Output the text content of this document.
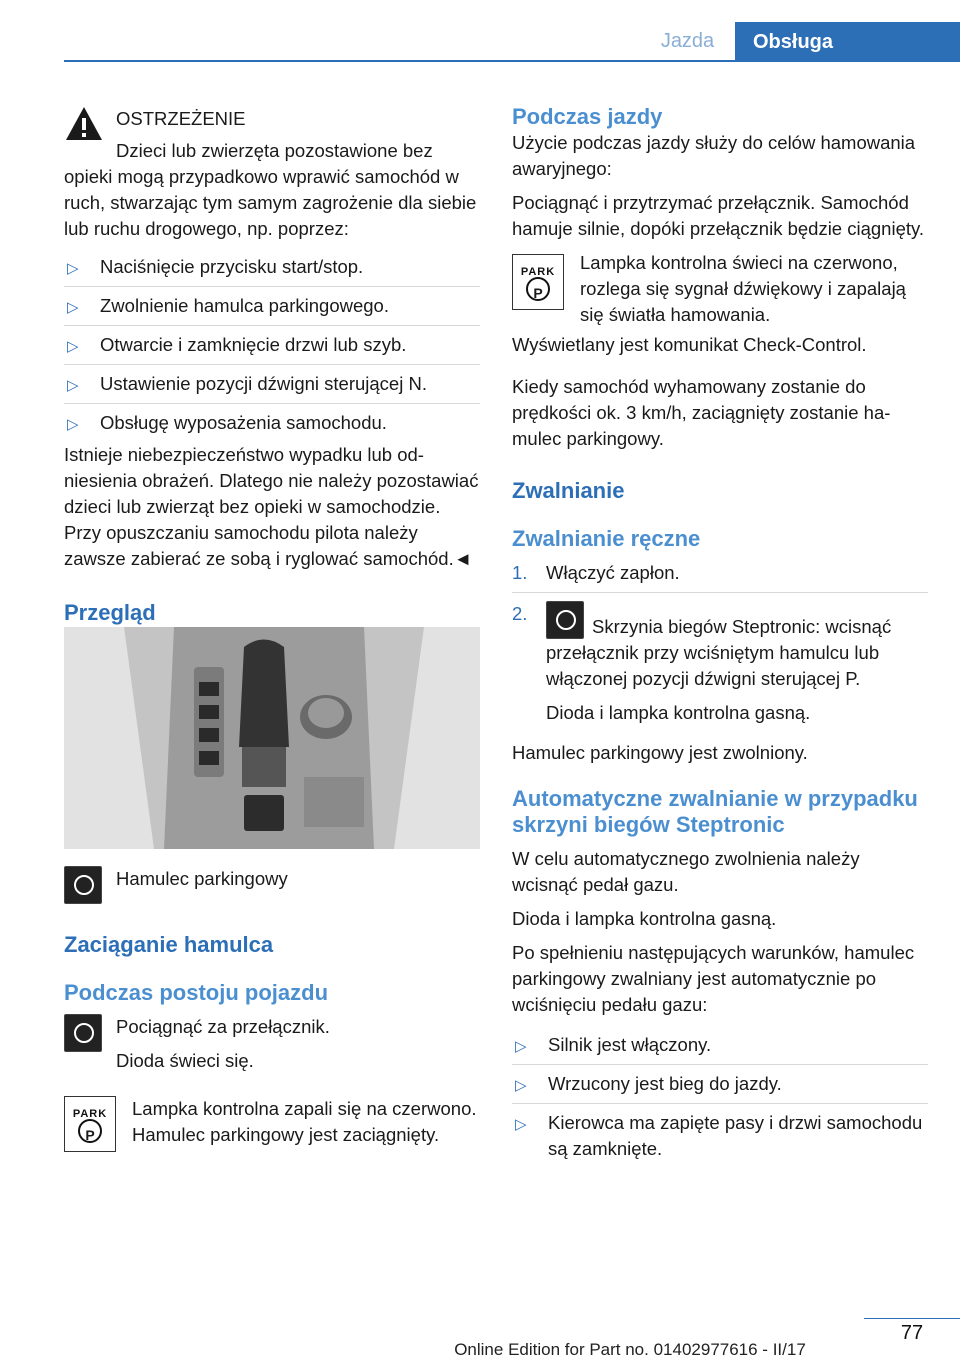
Jazda	Obsługa
OSTRZEŻENIE
Dzieci lub zwierzęta pozostawione bez opieki mogą przypadkowo wprawić samochód w ruch, stwarzając tym samym zagrożenie dla siebie lub ruchu drogowego, np. poprzez:
▷ Naciśnięcie przycisku start/stop.
▷ Zwolnienie hamulca parkingowego.
▷ Otwarcie i zamknięcie drzwi lub szyb.
▷ Ustawienie pozycji dźwigni sterującej N.
▷ Obsługę wyposażenia samochodu.
Istnieje niebezpieczeństwo wypadku lub odniesienia obrażeń. Dlatego nie należy pozostawiać dzieci lub zwierząt bez opieki w samochodzie. Przy opuszczaniu samochodu pilota należy zawsze zabierać ze sobą i ryglować samochód.◄
Przegląd
Hamulec parkingowy
Zaciąganie hamulca
Podczas postoju pojazdu
Pociągnąć za przełącznik.
Dioda świeci się.
PARK
P	Lampka kontrolna zapali się na czerwono. Hamulec parkingowy jest zaciągnięty.
Podczas jazdy

Użycie podczas jazdy służy do celów hamowania awaryjnego:

Pociągnąć i przytrzymać przełącznik. Samochód hamuje silnie, dopóki przełącznik będzie ciągnięty.

PARK
P	Lampka kontrolna świeci na czerwono, rozlega się sygnał dźwiękowy i zapalają się światła hamowania.

Wyświetlany jest komunikat Check-Control.

Kiedy samochód wyhamowany zostanie do prędkości ok. 3 km/h, zaciągnięty zostanie hamulec parkingowy.

Zwalnianie
Zwalnianie ręczne
1. Włączyć zapłon.
2.
Skrzynia biegów Steptronic: wcisnąć przełącznik przy wciśniętym hamulcu lub włączonej pozycji dźwigni sterującej P.
Dioda i lampka kontrolna gasną.

Hamulec parkingowy jest zwolniony.

Automatyczne zwalnianie w przypadku skrzyni biegów Steptronic

W celu automatycznego zwolnienia należy wcisnąć pedał gazu.

Dioda i lampka kontrolna gasną.

Po spełnieniu następujących warunków, hamulec parkingowy zwalniany jest automatycznie po wciśnięciu pedału gazu:

▷ Silnik jest włączony.
▷ Wrzucony jest bieg do jazdy.
▷ Kierowca ma zapięte pasy i drzwi samochodu są zamknięte.
77
Online Edition for Part no. 01402977616 - II/17
